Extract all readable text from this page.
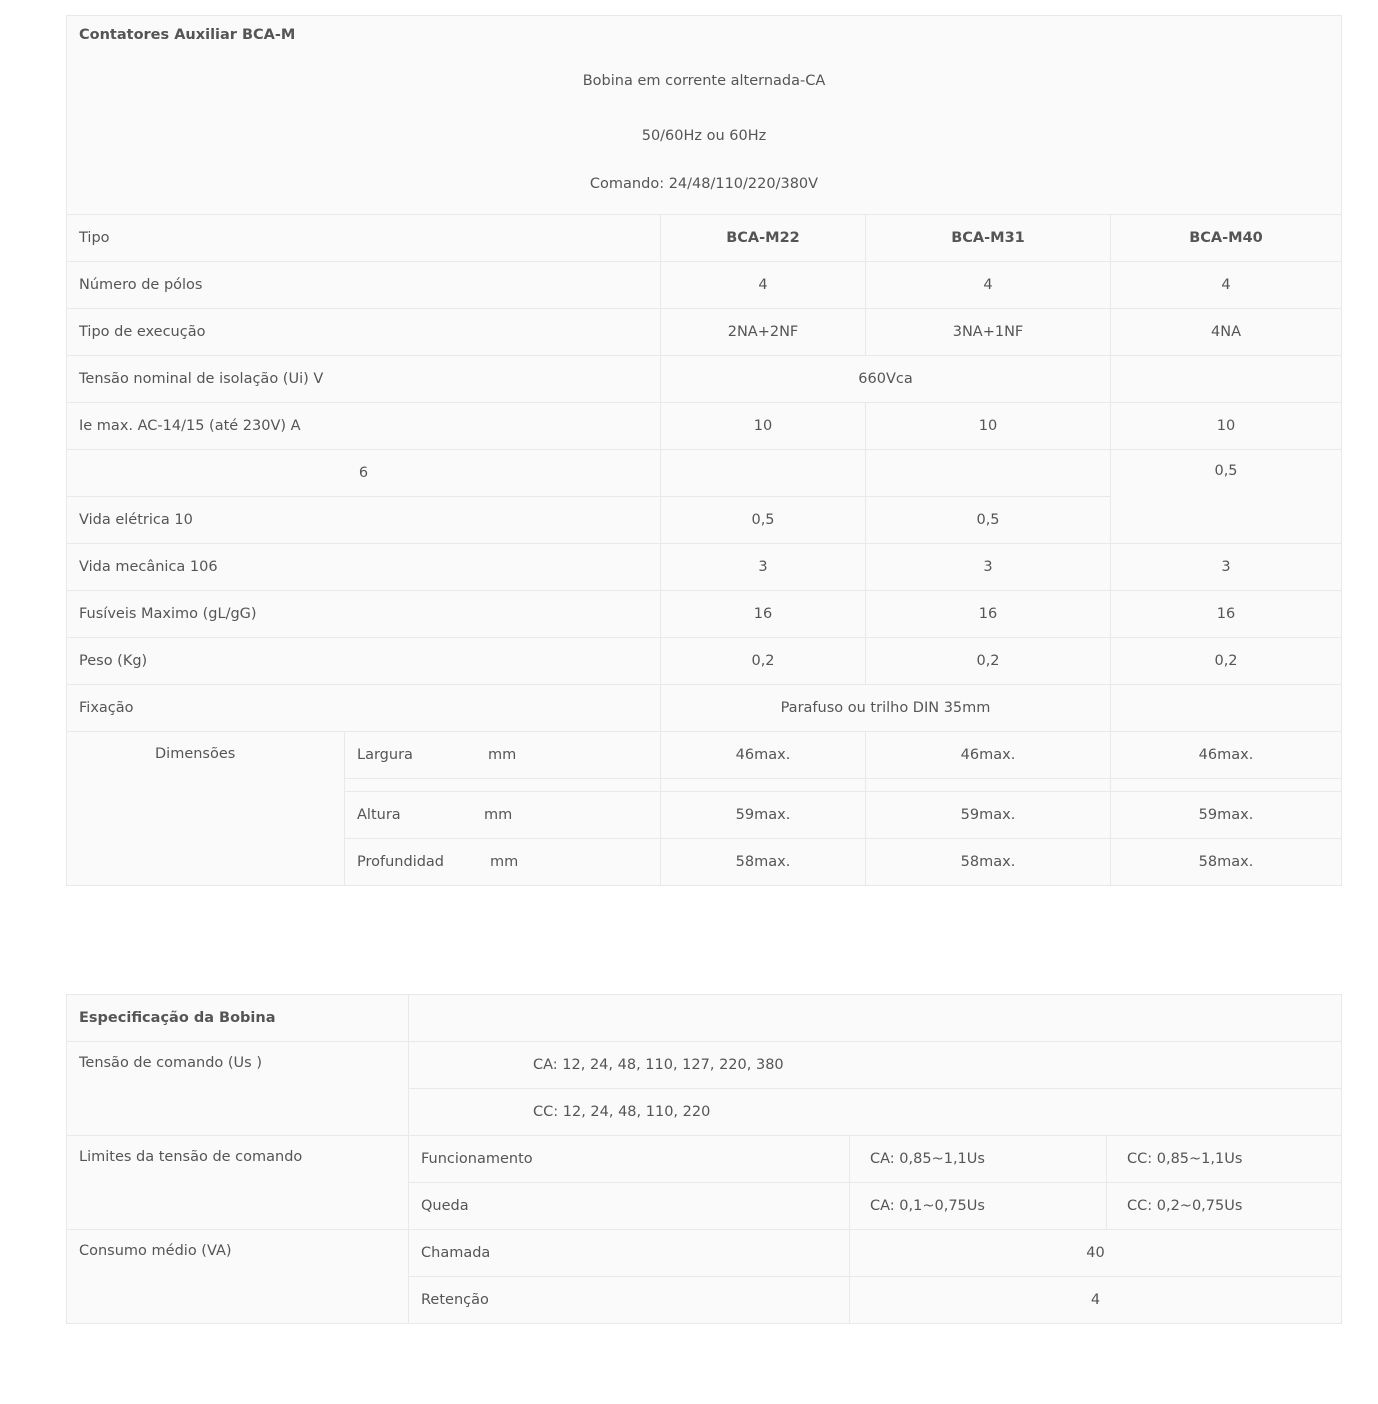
Contatores Auxiliar BCA-M
Bobina em corrente alternada-CA
50/60Hz ou 60Hz
Comando: 24/48/110/220/380V				

Tipo		BCA-M22	BCA-M31	BCA-M40
Número de pólos		4	4	4
Tipo de execução		2NA+2NF	3NA+1NF	4NA
Tensão nominal de isolação (Ui) V		660Vca		
Ie max. AC-14/15 (até 230V) A		10	10	10
6				0,5
Vida elétrica 10		0,5	0,5	
Vida mecânica 106		3	3	3
Fusíveis Maximo (gL/gG)		16	16	16
Peso (Kg)		0,2	0,2	0,2
Fixação		Parafuso ou trilho DIN 35mm		
Dimensões	Largura mm	46max.	46max.	46max.

	Altura mm	59max.	59max.	59max.
	Profundidad mm	58max.	58max.	58max.
Especificação da Bobina			
Tensão de comando (Us )	CA: 12, 24, 48, 110, 127, 220, 380		
	CC: 12, 24, 48, 110, 220		
Limites da tensão de comando	Funcionamento	CA: 0,85~1,1Us	CC: 0,85~1,1Us
	Queda	CA: 0,1~0,75Us	CC: 0,2~0,75Us
Consumo médio (VA)	Chamada	40	
	Retenção	4	
